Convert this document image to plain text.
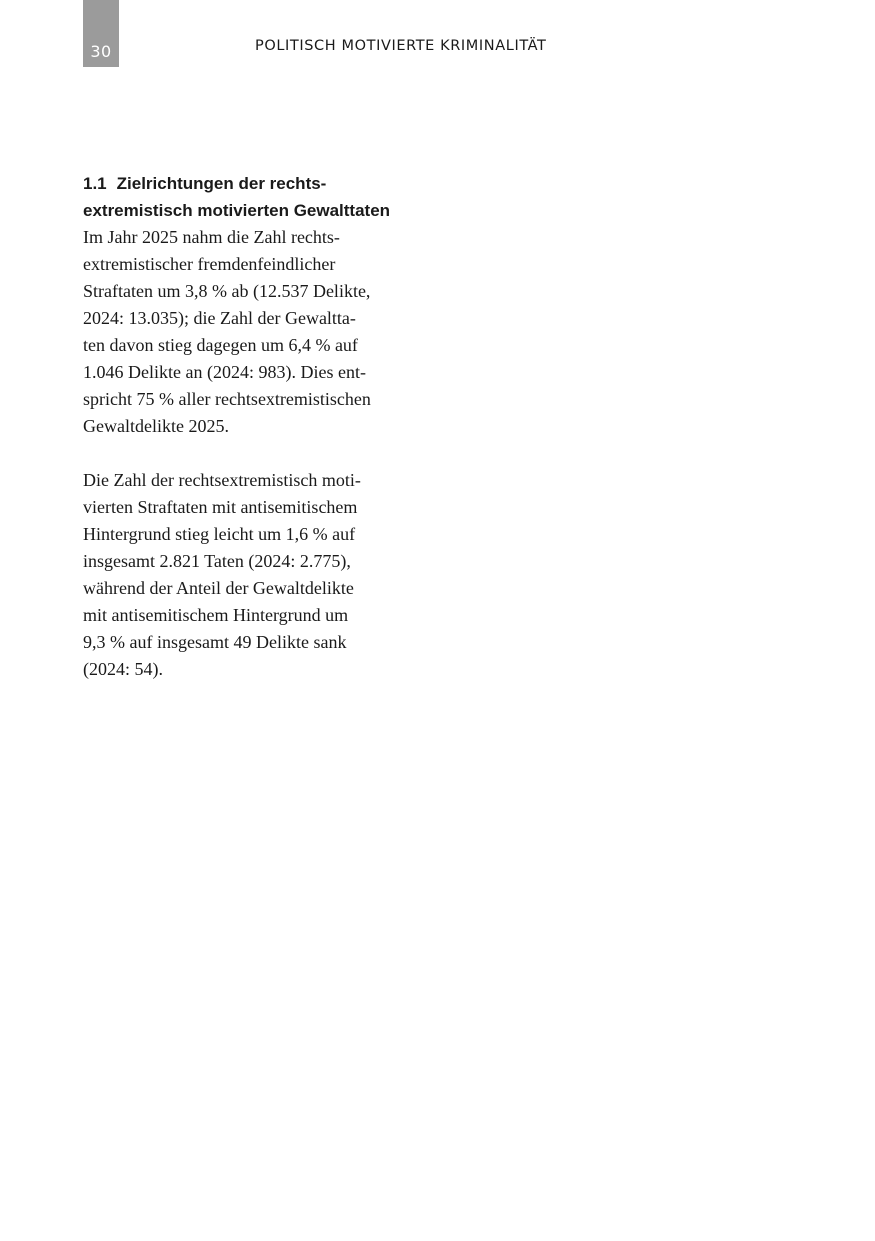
30	POLITISCH MOTIVIERTE KRIMINALITÄT
1.1 Zielrichtungen der rechts-
extremistisch motivierten Gewalttaten

Im Jahr 2025 nahm die Zahl rechts-
extremistischer fremdenfeindlicher
Straftaten um 3,8 % ab (12.537 Delikte,
2024: 13.035); die Zahl der Gewaltta-
ten davon stieg dagegen um 6,4 % auf
1.046 Delikte an (2024: 983). Dies ent-
spricht 75 % aller rechtsextremistischen
Gewaltdelikte 2025.

Die Zahl der rechtsextremistisch moti-
vierten Straftaten mit antisemitischem
Hintergrund stieg leicht um 1,6 % auf
insgesamt 2.821 Taten (2024: 2.775),
während der Anteil der Gewaltdelikte
mit antisemitischem Hintergrund um
9,3 % auf insgesamt 49 Delikte sank
(2024: 54).
